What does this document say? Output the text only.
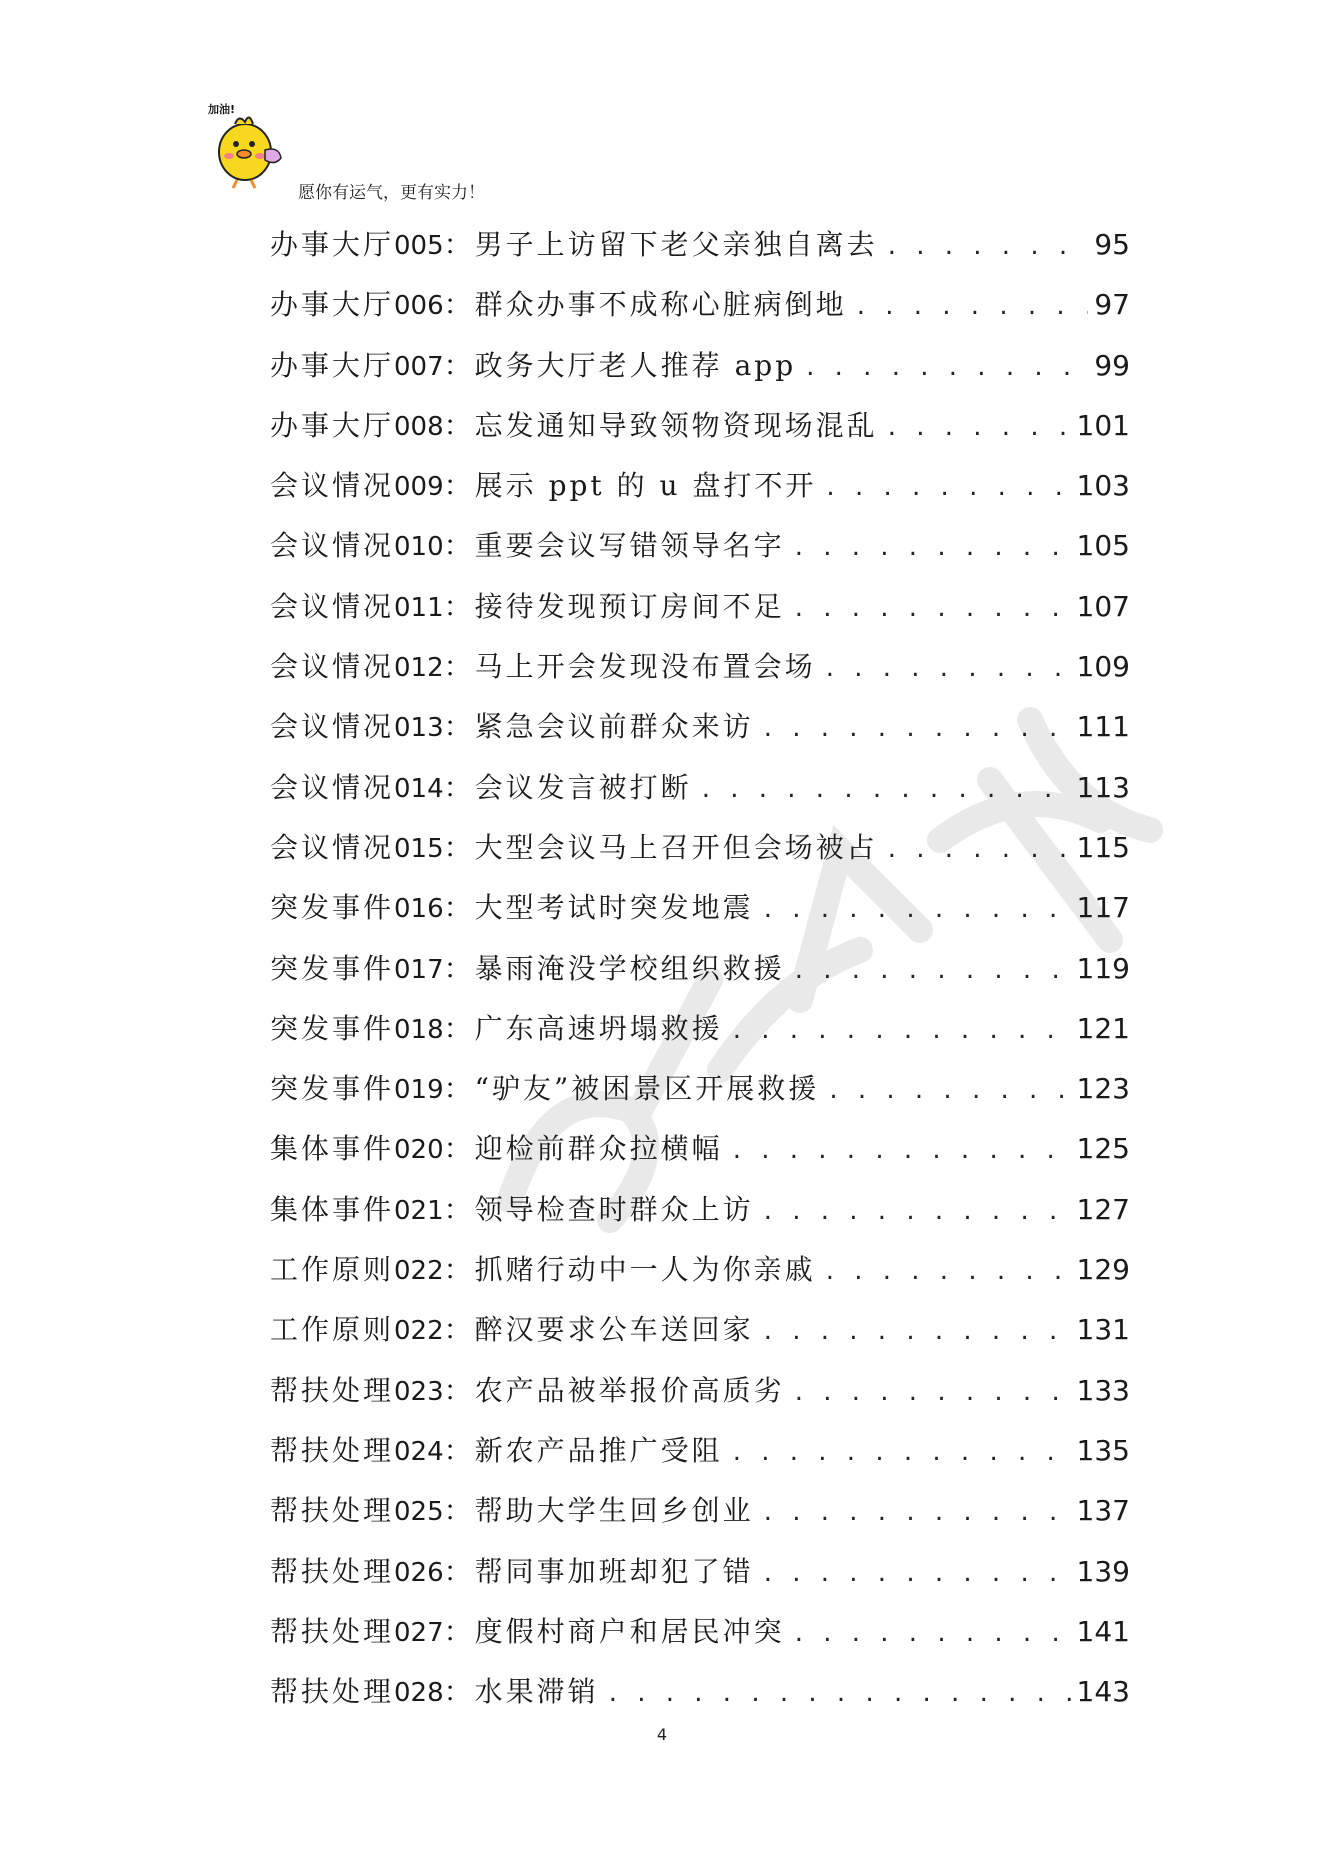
加油!
愿你有运气，更有实力！
办事大厅 005 ： 男子上访留下老父亲独自离去 . . .	95
办事大厅 006 ： 群众办事不成称心脏病倒地 . . .	97
办事大厅 007 ： 政务大厅老人推荐 app . . .	99
办事大厅 008 ： 忘发通知导致领物资现场混乱 . . .	101
会议情况 009 ： 展示 ppt 的 u 盘打不开 . . .	103
会议情况 010 ： 重要会议写错领导名字 . . .	105
会议情况 011 ： 接待发现预订房间不足 . . .	107
会议情况 012 ： 马上开会发现没布置会场 . . .	109
会议情况 013 ： 紧急会议前群众来访 . . .	111
会议情况 014 ： 会议发言被打断 . . .	113
会议情况 015 ： 大型会议马上召开但会场被占 . . .	115
突发事件 016 ： 大型考试时突发地震 . . .	117
突发事件 017 ： 暴雨淹没学校组织救援 . . .	119
突发事件 018 ： 广东高速坍塌救援 . . .	121
突发事件 019 ： “驴友”被困景区开展救援 . . .	123
集体事件 020 ： 迎检前群众拉横幅 . . .	125
集体事件 021 ： 领导检查时群众上访 . . .	127
工作原则 022 ： 抓赌行动中一人为你亲戚 . . .	129
工作原则 022 ： 醉汉要求公车送回家 . . .	131
帮扶处理 023 ： 农产品被举报价高质劣 . . .	133
帮扶处理 024 ： 新农产品推广受阻 . . .	135
帮扶处理 025 ： 帮助大学生回乡创业 . . .	137
帮扶处理 026 ： 帮同事加班却犯了错 . . .	139
帮扶处理 027 ： 度假村商户和居民冲突 . . .	141
帮扶处理 028 ： 水果滞销 . . .	143
4
